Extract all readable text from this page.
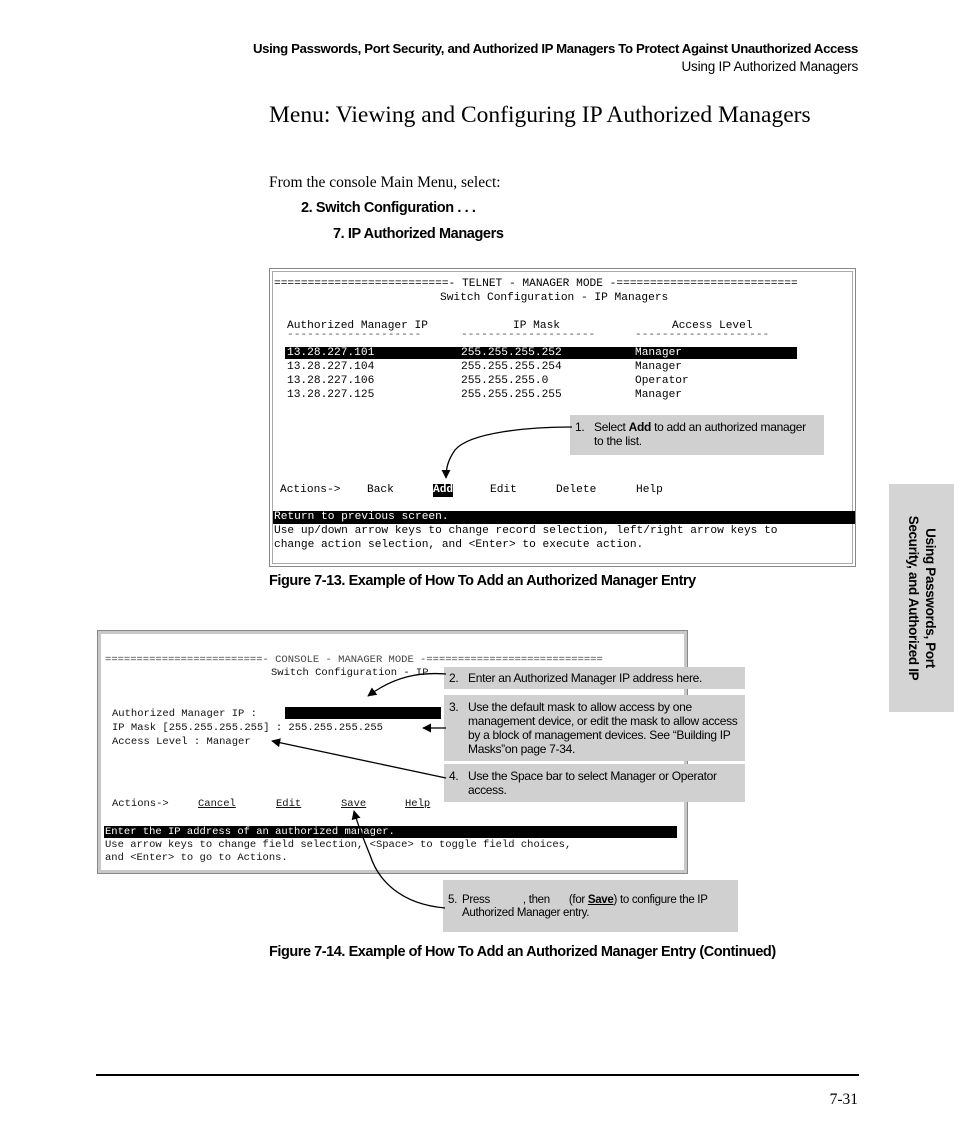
Using Passwords, Port Security, and Authorized IP Managers To Protect Against Unauthorized Access
Using IP Authorized Managers
Menu: Viewing and Configuring IP Authorized Managers
From the console Main Menu, select:
2. Switch Configuration . . .
7. IP Authorized Managers
==========================- TELNET - MANAGER MODE -===========================
Switch Configuration - IP Managers
Authorized Manager IP	IP Mask	Access Level
--------------------	--------------------	--------------------
13.28.227.101	255.255.255.252	Manager
13.28.227.104	255.255.255.254	Manager
13.28.227.106	255.255.255.0	Operator
13.28.227.125	255.255.255.255	Manager
Actions-> Back	Add	Edit	Delete	Help
Return to previous screen.
Use up/down arrow keys to change record selection, left/right arrow keys to
change action selection, and <Enter> to execute action.
1. Select Add to add an authorized manager to the list.
Figure 7-13. Example of How To Add an Authorized Manager Entry
=========================- CONSOLE - MANAGER MODE -============================
Switch Configuration - IP
Authorized Manager IP :
IP Mask [255.255.255.255] : 255.255.255.255
Access Level : Manager
Actions->	Cancel	Edit	Save	Help
Enter the IP address of an authorized manager.
Use arrow keys to change field selection, <Space> to toggle field choices,
and <Enter> to go to Actions.
2. Enter an Authorized Manager IP address here.
3. Use the default mask to allow access by one management device, or edit the mask to allow access by a block of management devices. See “Building IP Masks”on page 7-34.
4. Use the Space bar to select Manager or Operator access.
5. Press	, then (for Save) to configure the IP Authorized Manager entry.
Figure 7-14. Example of How To Add an Authorized Manager Entry (Continued)
Using Passwords, Port
Security, and Authorized IP
7-31
